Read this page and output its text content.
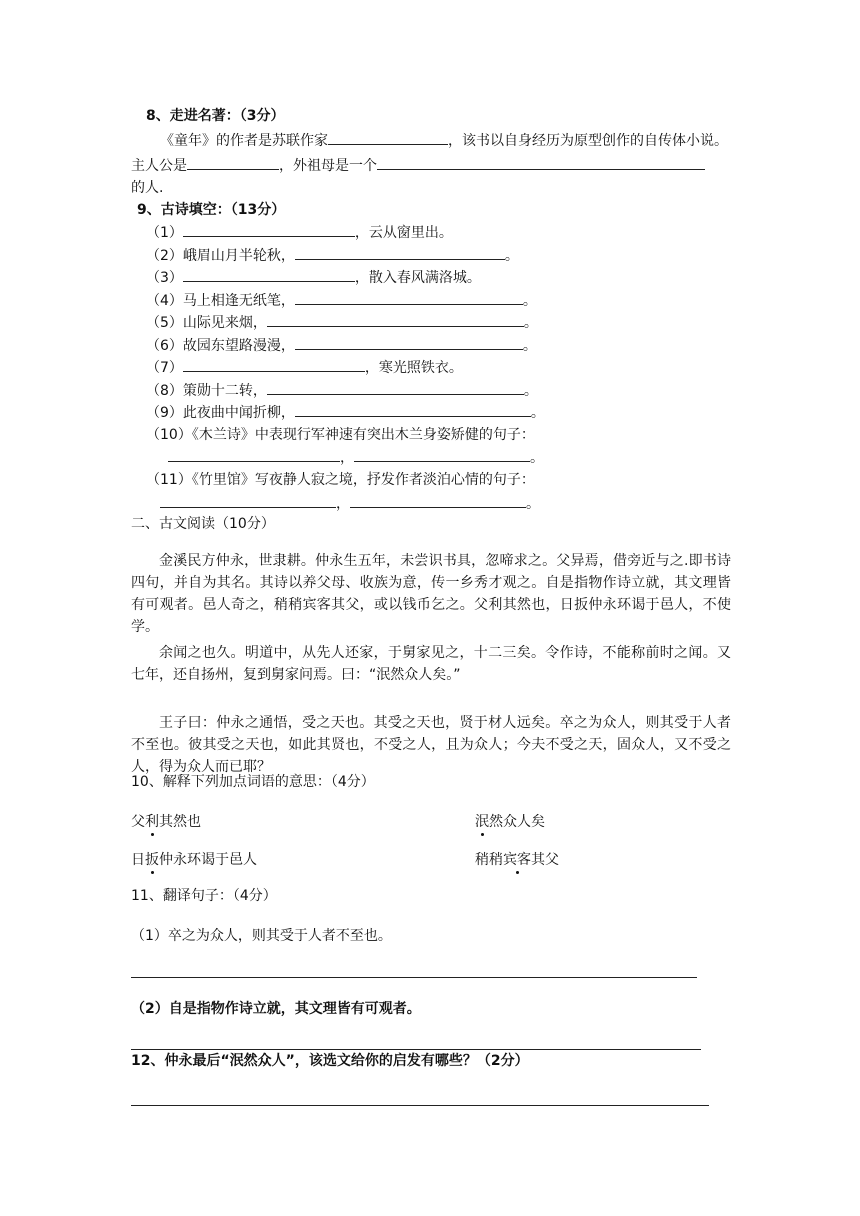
8、走进名著：（3分）
《童年》的作者是苏联作家	，该书以自身经历为原型创作的自传体小说。
主人公是	，外祖母是一个
的人.
9、古诗填空：（13分）
（1）	，云从窗里出。
（2）峨眉山月半轮秋，	。
（3）	，散入春风满洛城。
（4）马上相逢无纸笔，	。
（5）山际见来烟，	。
（6）故园东望路漫漫，	。
（7）	，寒光照铁衣。
（8）策勋十二转，	。
（9）此夜曲中闻折柳，	。
（10）《木兰诗》中表现行军神速有突出木兰身姿矫健的句子：
，	。
（11）《竹里馆》写夜静人寂之境，抒发作者淡泊心情的句子：
，	。
二、古文阅读（10分）
金溪民方仲永，世隶耕。仲永生五年，未尝识书具，忽啼求之。父异焉，借旁近与之.即书诗四句，并自为其名。其诗以养父母、收族为意，传一乡秀才观之。自是指物作诗立就，其文理皆有可观者。邑人奇之，稍稍宾客其父，或以钱币乞之。父利其然也，日扳仲永环谒于邑人，不使学。
余闻之也久。明道中，从先人还家，于舅家见之，十二三矣。令作诗，不能称前时之闻。又七年，还自扬州，复到舅家问焉。曰：“泯然众人矣。”
王子曰：仲永之通悟，受之天也。其受之天也，贤于材人远矣。卒之为众人，则其受于人者不至也。彼其受之天也，如此其贤也，不受之人，且为众人；今夫不受之天，固众人，又不受之人，得为众人而已耶？
10、解释下列加点词语的意思：（4分）
父利其然也	泯然众人矣
日扳仲永环谒于邑人	稍稍宾客其父
11、翻译句子：（4分）
（1）卒之为众人，则其受于人者不至也。
（2）自是指物作诗立就，其文理皆有可观者。
12、仲永最后“泯然众人”，该选文给你的启发有哪些？（2分）
